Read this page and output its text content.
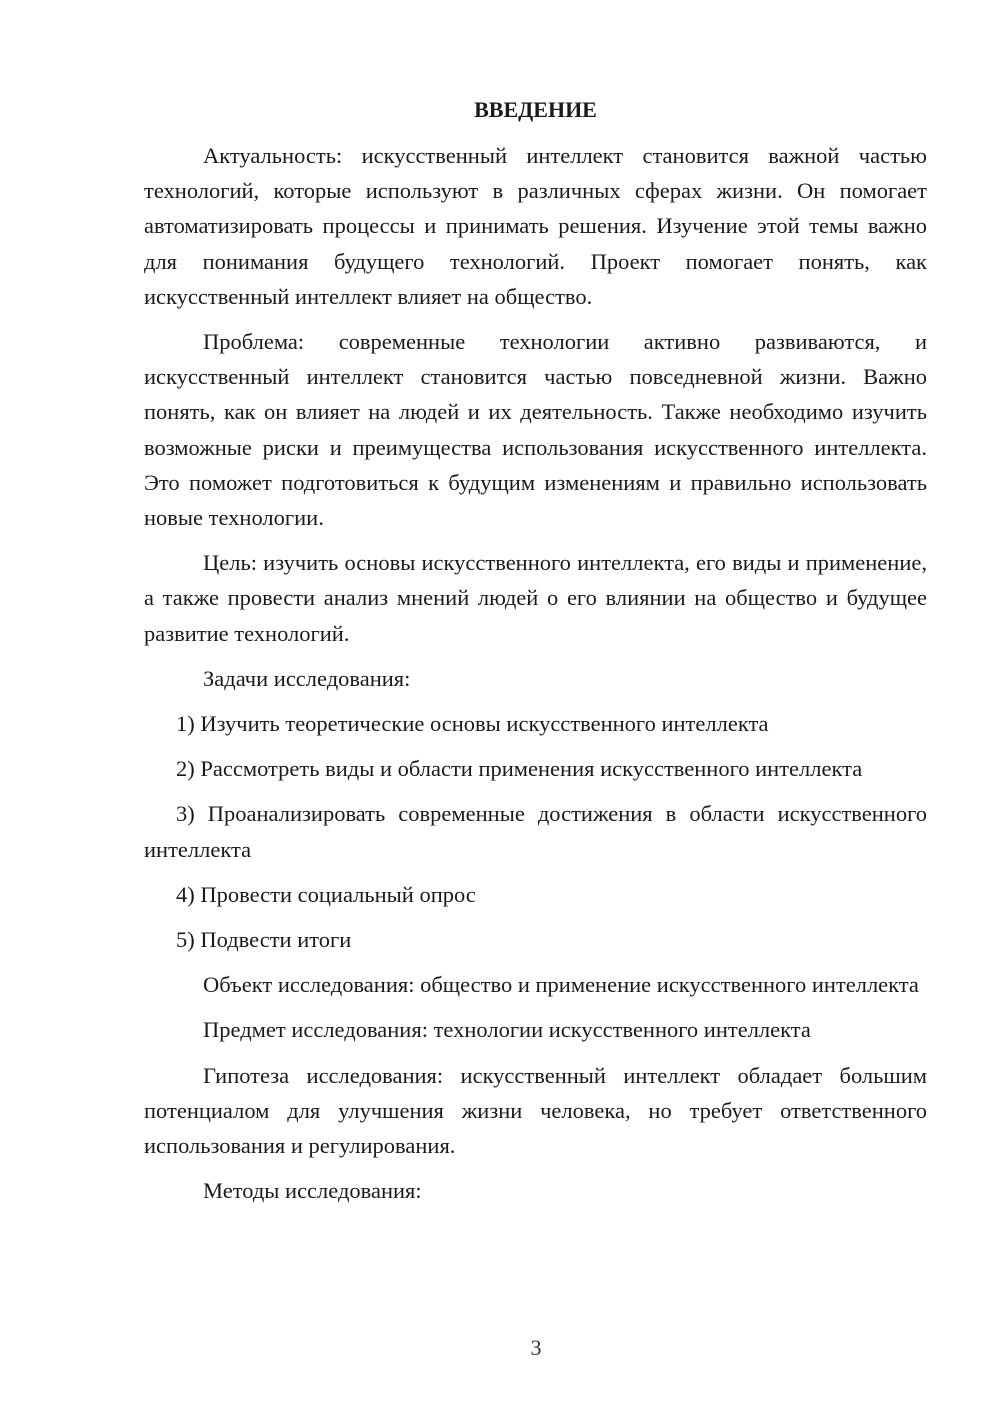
ВВЕДЕНИЕ

Актуальность: искусственный интеллект становится важной частью технологий, которые используют в различных сферах жизни. Он помогает автоматизировать процессы и принимать решения. Изучение этой темы важно для понимания будущего технологий. Проект помогает понять, как искусственный интеллект влияет на общество.

Проблема: современные технологии активно развиваются, и искусственный интеллект становится частью повседневной жизни. Важно понять, как он влияет на людей и их деятельность. Также необходимо изучить возможные риски и преимущества использования искусственного интеллекта. Это поможет подготовиться к будущим изменениям и правильно использовать новые технологии.

Цель: изучить основы искусственного интеллекта, его виды и применение, а также провести анализ мнений людей о его влиянии на общество и будущее развитие технологий.

Задачи исследования:

1) Изучить теоретические основы искусственного интеллекта

2) Рассмотреть виды и области применения искусственного интеллекта

3) Проанализировать современные достижения в области искусственного интеллекта

4) Провести социальный опрос

5) Подвести итоги

Объект исследования: общество и применение искусственного интеллекта

Предмет исследования: технологии искусственного интеллекта

Гипотеза исследования: искусственный интеллект обладает большим потенциалом для улучшения жизни человека, но требует ответственного использования и регулирования.

Методы исследования:

3
